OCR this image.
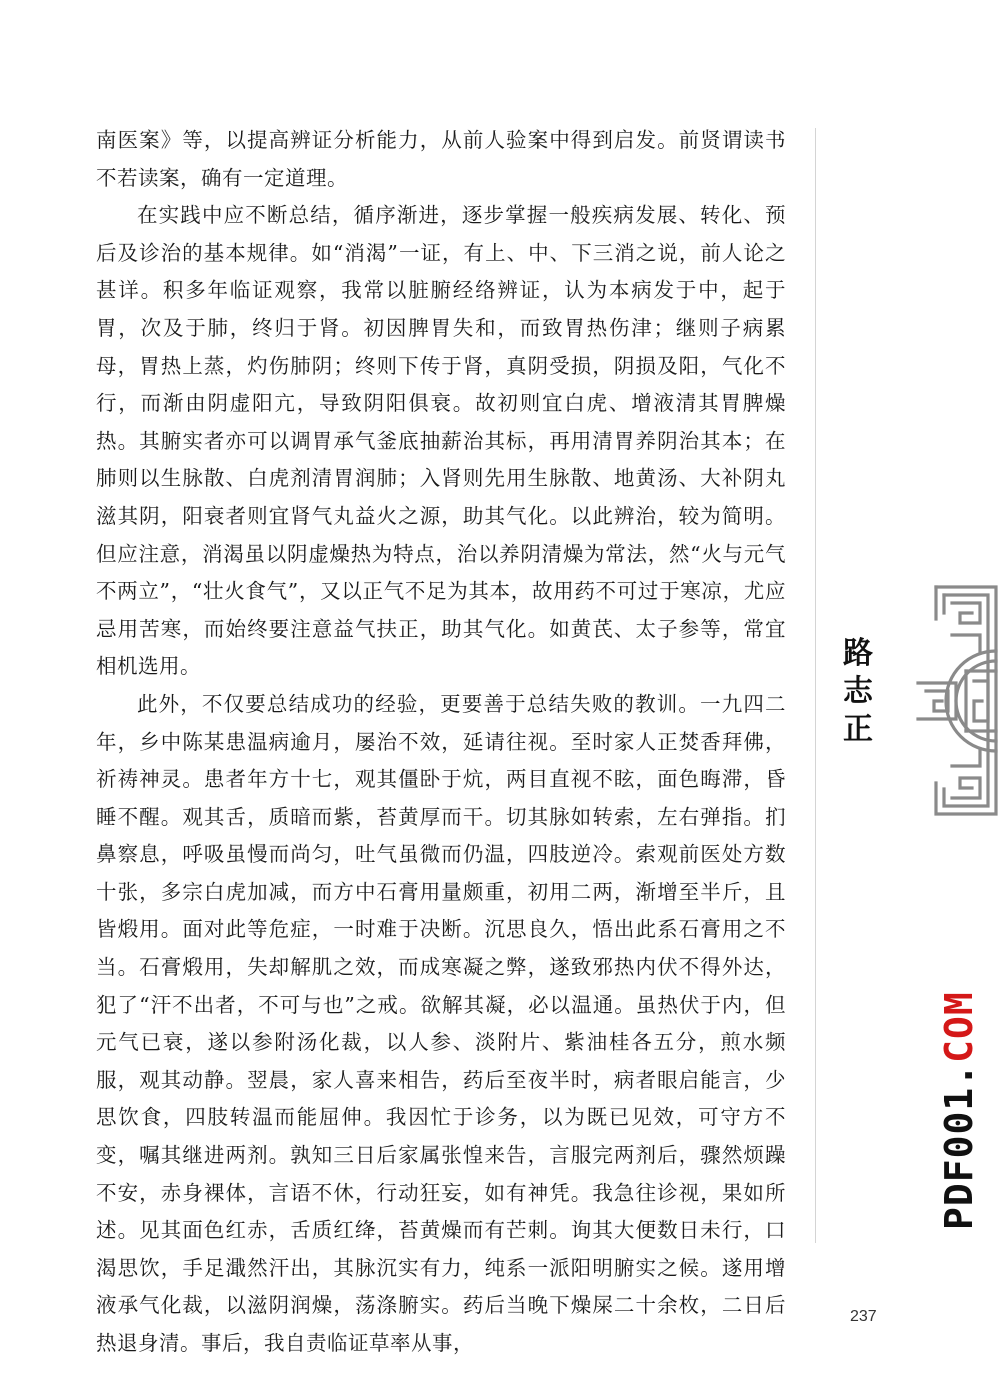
南医案》等，以提高辨证分析能力，从前人验案中得到启发。前贤谓读书不若读案，确有一定道理。

在实践中应不断总结，循序渐进，逐步掌握一般疾病发展、转化、预后及诊治的基本规律。如“消渴”一证，有上、中、下三消之说，前人论之甚详。积多年临证观察，我常以脏腑经络辨证，认为本病发于中，起于胃，次及于肺，终归于肾。初因脾胃失和，而致胃热伤津；继则子病累母，胃热上蒸，灼伤肺阴；终则下传于肾，真阴受损，阴损及阳，气化不行，而渐由阴虚阳亢，导致阴阳俱衰。故初则宜白虎、增液清其胃脾燥热。其腑实者亦可以调胃承气釜底抽薪治其标，再用清胃养阴治其本；在肺则以生脉散、白虎剂清胃润肺；入肾则先用生脉散、地黄汤、大补阴丸滋其阴，阳衰者则宜肾气丸益火之源，助其气化。以此辨治，较为简明。但应注意，消渴虽以阴虚燥热为特点，治以养阴清燥为常法，然“火与元气不两立”，“壮火食气”，又以正气不足为其本，故用药不可过于寒凉，尤应忌用苦寒，而始终要注意益气扶正，助其气化。如黄芪、太子参等，常宜相机选用。

此外，不仅要总结成功的经验，更要善于总结失败的教训。一九四二年，乡中陈某患温病逾月，屡治不效，延请往视。至时家人正焚香拜佛，祈祷神灵。患者年方十七，观其僵卧于炕，两目直视不眩，面色晦滞，昏睡不醒。观其舌，质暗而紫，苔黄厚而干。切其脉如转索，左右弹指。扪鼻察息，呼吸虽慢而尚匀，吐气虽微而仍温，四肢逆冷。索观前医处方数十张，多宗白虎加减，而方中石膏用量颇重，初用二两，渐增至半斤，且皆煅用。面对此等危症，一时难于决断。沉思良久，悟出此系石膏用之不当。石膏煅用，失却解肌之效，而成寒凝之弊，遂致邪热内伏不得外达，犯了“汗不出者，不可与也”之戒。欲解其凝，必以温通。虽热伏于内，但元气已衰，遂以参附汤化裁，以人参、淡附片、紫油桂各五分，煎水频服，观其动静。翌晨，家人喜来相告，药后至夜半时，病者眼启能言，少思饮食，四肢转温而能屈伸。我因忙于诊务，以为既已见效，可守方不变，嘱其继进两剂。孰知三日后家属张惶来告，言服完两剂后，骤然烦躁不安，赤身裸体，言语不休，行动狂妄，如有神凭。我急往诊视，果如所述。见其面色红赤，舌质红绛，苔黄燥而有芒刺。询其大便数日未行，口渴思饮，手足濈然汗出，其脉沉实有力，纯系一派阳明腑实之候。遂用增液承气化裁，以滋阴润燥，荡涤腑实。药后当晚下燥屎二十余枚，二日后热退身清。事后，我自责临证草率从事，

路
志
正
PDF001.COM
237
